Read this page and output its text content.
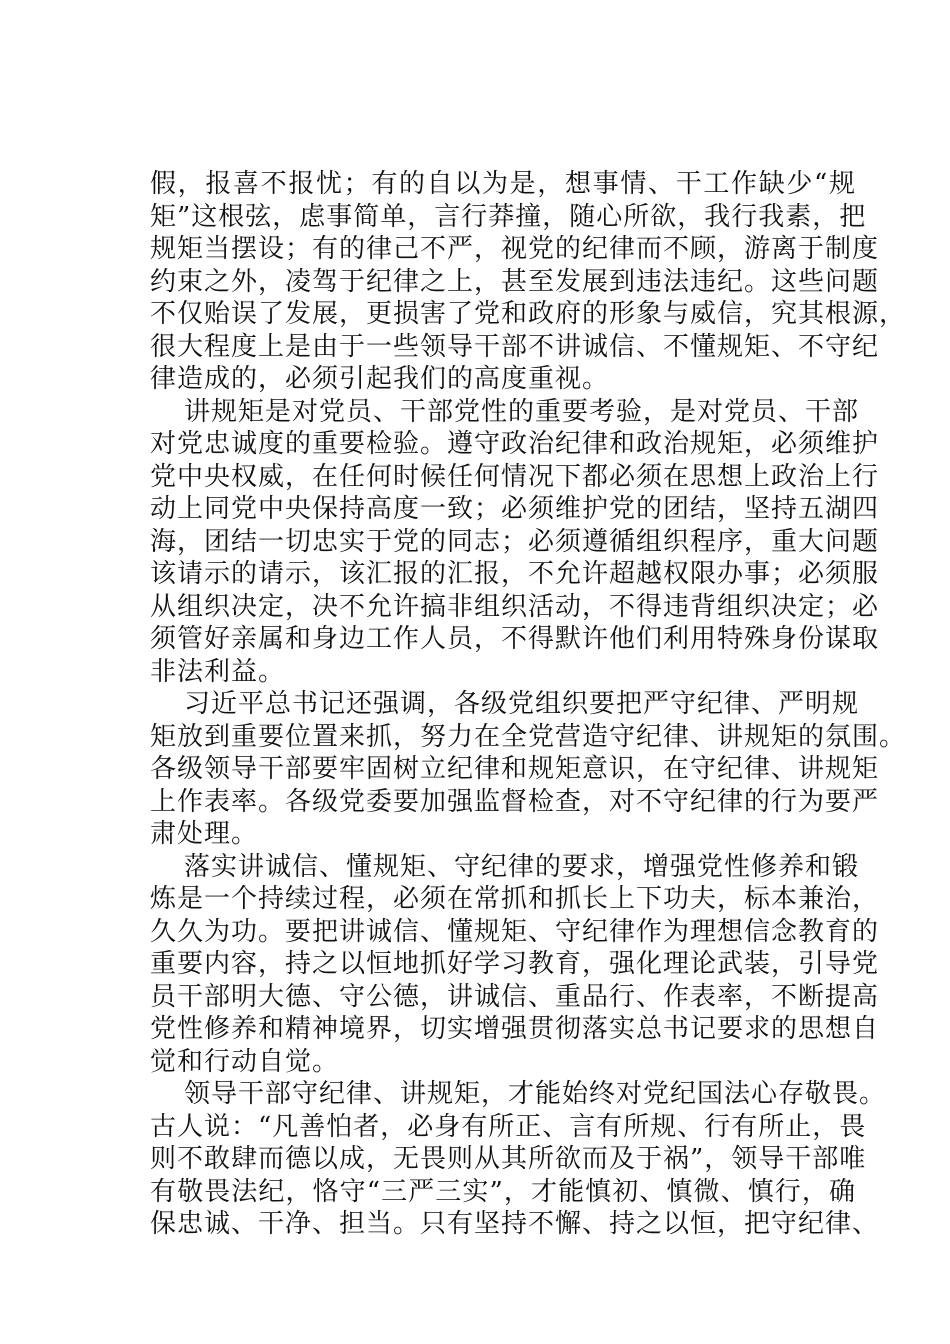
假，报喜不报忧；有的自以为是，想事情、干工作缺少“规
矩”这根弦，虑事简单，言行莽撞，随心所欲，我行我素，把
规矩当摆设；有的律己不严，视党的纪律而不顾，游离于制度
约束之外，凌驾于纪律之上，甚至发展到违法违纪。这些问题
不仅贻误了发展，更损害了党和政府的形象与威信，究其根源，
很大程度上是由于一些领导干部不讲诚信、不懂规矩、不守纪
律造成的，必须引起我们的高度重视。
讲规矩是对党员、干部党性的重要考验，是对党员、干部
对党忠诚度的重要检验。遵守政治纪律和政治规矩，必须维护
党中央权威，在任何时候任何情况下都必须在思想上政治上行
动上同党中央保持高度一致；必须维护党的团结，坚持五湖四
海，团结一切忠实于党的同志；必须遵循组织程序，重大问题
该请示的请示，该汇报的汇报，不允许超越权限办事；必须服
从组织决定，决不允许搞非组织活动，不得违背组织决定；必
须管好亲属和身边工作人员，不得默许他们利用特殊身份谋取
非法利益。
习近平总书记还强调，各级党组织要把严守纪律、严明规
矩放到重要位置来抓，努力在全党营造守纪律、讲规矩的氛围。
各级领导干部要牢固树立纪律和规矩意识，在守纪律、讲规矩
上作表率。各级党委要加强监督检查，对不守纪律的行为要严
肃处理。
落实讲诚信、懂规矩、守纪律的要求，增强党性修养和锻
炼是一个持续过程，必须在常抓和抓长上下功夫，标本兼治，
久久为功。要把讲诚信、懂规矩、守纪律作为理想信念教育的
重要内容，持之以恒地抓好学习教育，强化理论武装，引导党
员干部明大德、守公德，讲诚信、重品行、作表率，不断提高
党性修养和精神境界，切实增强贯彻落实总书记要求的思想自
觉和行动自觉。
领导干部守纪律、讲规矩，才能始终对党纪国法心存敬畏。
古人说：“凡善怕者，必身有所正、言有所规、行有所止，畏
则不敢肆而德以成，无畏则从其所欲而及于祸”，领导干部唯
有敬畏法纪，恪守“三严三实”，才能慎初、慎微、慎行，确
保忠诚、干净、担当。只有坚持不懈、持之以恒，把守纪律、
